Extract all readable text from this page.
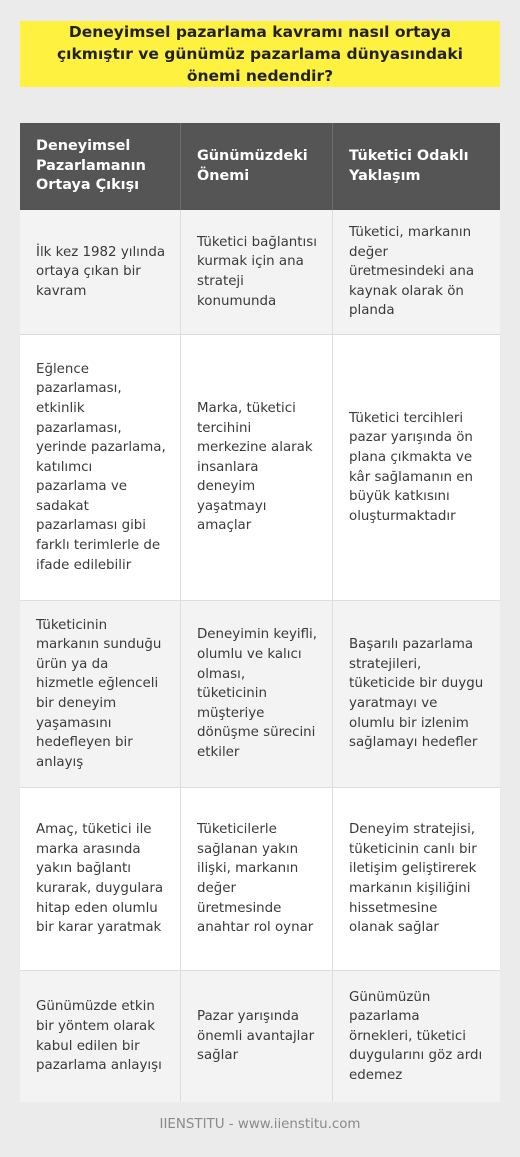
Deneyimsel pazarlama kavramı nasıl ortaya çıkmıştır ve günümüz pazarlama dünyasındaki önemi nedendir?
Deneyimsel Pazarlamanın Ortaya Çıkışı
Günümüzdeki Önemi
Tüketici Odaklı Yaklaşım
İlk kez 1982 yılında ortaya çıkan bir kavram
Tüketici bağlantısı kurmak için ana strateji konumunda
Tüketici, markanın değer üretmesindeki ana kaynak olarak ön planda
Eğlence pazarlaması, etkinlik pazarlaması, yerinde pazarlama, katılımcı pazarlama ve sadakat pazarlaması gibi farklı terimlerle de ifade edilebilir
Marka, tüketici tercihini merkezine alarak insanlara deneyim yaşatmayı amaçlar
Tüketici tercihleri pazar yarışında ön plana çıkmakta ve kâr sağlamanın en büyük katkısını oluşturmaktadır
Tüketicinin markanın sunduğu ürün ya da hizmetle eğlenceli bir deneyim yaşamasını hedefleyen bir anlayış
Deneyimin keyifli, olumlu ve kalıcı olması, tüketicinin müşteriye dönüşme sürecini etkiler
Başarılı pazarlama stratejileri, tüketicide bir duygu yaratmayı ve olumlu bir izlenim sağlamayı hedefler
Amaç, tüketici ile marka arasında yakın bağlantı kurarak, duygulara hitap eden olumlu bir karar yaratmak
Tüketicilerle sağlanan yakın ilişki, markanın değer üretmesinde anahtar rol oynar
Deneyim stratejisi, tüketicinin canlı bir iletişim geliştirerek markanın kişiliğini hissetmesine olanak sağlar
Günümüzde etkin bir yöntem olarak kabul edilen bir pazarlama anlayışı
Pazar yarışında önemli avantajlar sağlar
Günümüzün pazarlama örnekleri, tüketici duygularını göz ardı edemez
IIENSTITU - www.iienstitu.com
